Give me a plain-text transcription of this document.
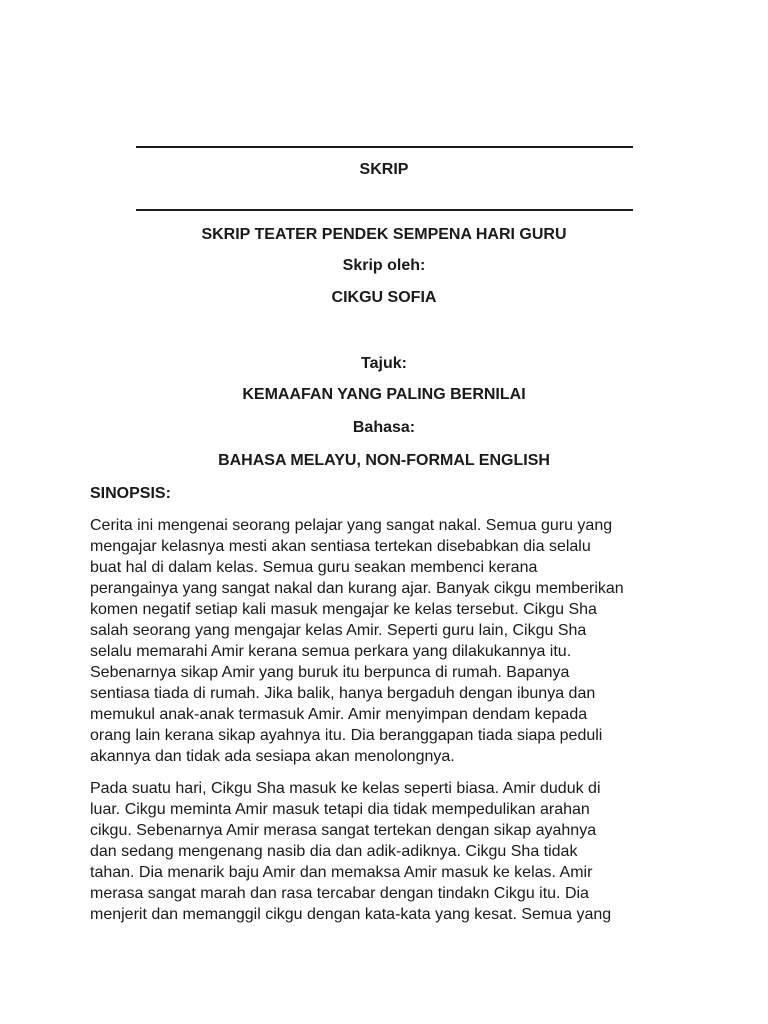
SKRIP
SKRIP TEATER PENDEK SEMPENA HARI GURU
Skrip oleh:
CIKGU SOFIA
Tajuk:
KEMAAFAN YANG PALING BERNILAI
Bahasa:
BAHASA MELAYU, NON-FORMAL ENGLISH
SINOPSIS:

Cerita ini mengenai seorang pelajar yang sangat nakal. Semua guru yang
mengajar kelasnya mesti akan sentiasa tertekan disebabkan dia selalu
buat hal di dalam kelas. Semua guru seakan membenci kerana
perangainya yang sangat nakal dan kurang ajar. Banyak cikgu memberikan
komen negatif setiap kali masuk mengajar ke kelas tersebut. Cikgu Sha
salah seorang yang mengajar kelas Amir. Seperti guru lain, Cikgu Sha
selalu memarahi Amir kerana semua perkara yang dilakukannya itu.
Sebenarnya sikap Amir yang buruk itu berpunca di rumah. Bapanya
sentiasa tiada di rumah. Jika balik, hanya bergaduh dengan ibunya dan
memukul anak-anak termasuk Amir. Amir menyimpan dendam kepada
orang lain kerana sikap ayahnya itu. Dia beranggapan tiada siapa peduli
akannya dan tidak ada sesiapa akan menolongnya.

Pada suatu hari, Cikgu Sha masuk ke kelas seperti biasa. Amir duduk di
luar. Cikgu meminta Amir masuk tetapi dia tidak mempedulikan arahan
cikgu. Sebenarnya Amir merasa sangat tertekan dengan sikap ayahnya
dan sedang mengenang nasib dia dan adik-adiknya. Cikgu Sha tidak
tahan. Dia menarik baju Amir dan memaksa Amir masuk ke kelas. Amir
merasa sangat marah dan rasa tercabar dengan tindakn Cikgu itu. Dia
menjerit dan memanggil cikgu dengan kata-kata yang kesat. Semua yang
